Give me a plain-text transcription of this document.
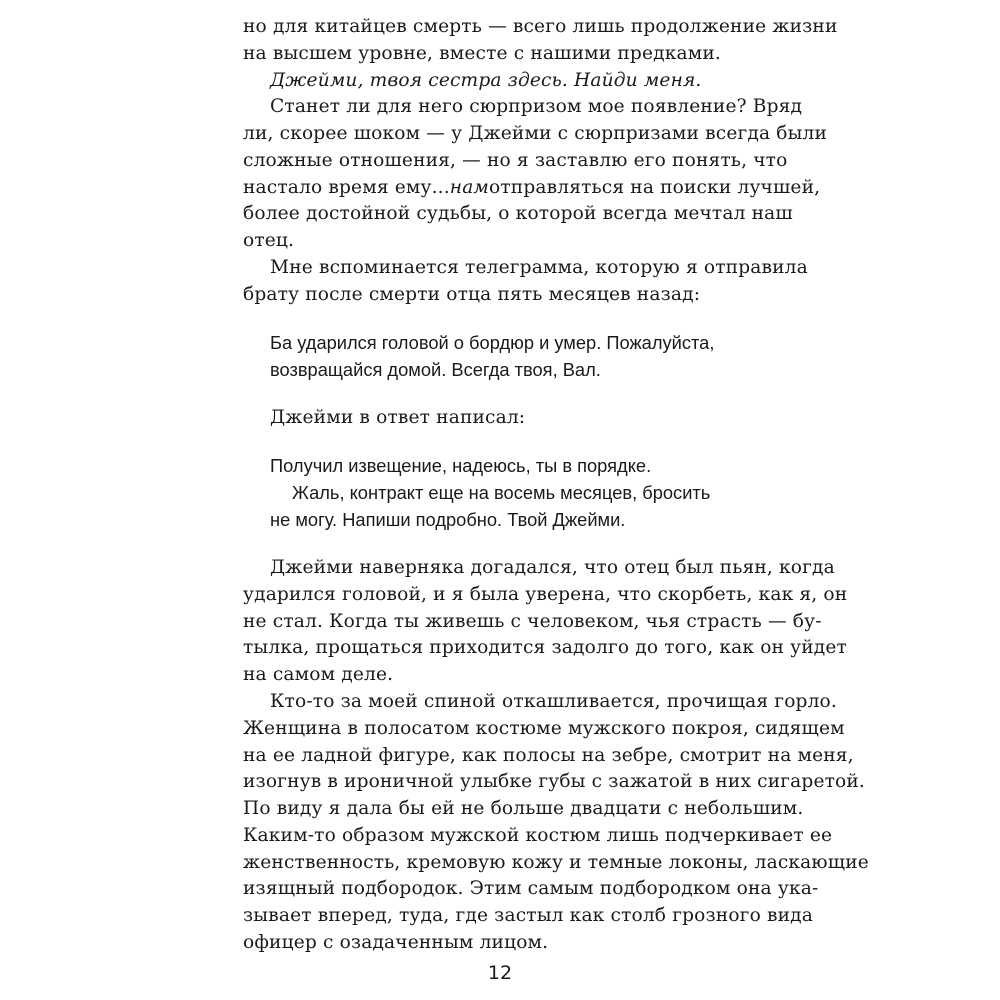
но для китайцев смерть — всего лишь продолжение жизни
на высшем уровне, вместе с нашими предками.
Джейми, твоя сестра здесь. Найди меня.
Станет ли для него сюрпризом мое появление? Вряд
ли, скорее шоком — у Джейми с сюрпризами всегда были
сложные отношения, — но я заставлю его понять, что
настало время ему... нам отправляться на поиски лучшей,
более достойной судьбы, о которой всегда мечтал наш
отец.
Мне вспоминается телеграмма, которую я отправила
брату после смерти отца пять месяцев назад:
Ба ударился головой о бордюр и умер. Пожалуйста,
возвращайся домой. Всегда твоя, Вал.
Джейми в ответ написал:
Получил извещение, надеюсь, ты в порядке.
Жаль, контракт еще на восемь месяцев, бросить
не могу. Напиши подробно. Твой Джейми.
Джейми наверняка догадался, что отец был пьян, когда
ударился головой, и я была уверена, что скорбеть, как я, он
не стал. Когда ты живешь с человеком, чья страсть — бу-
тылка, прощаться приходится задолго до того, как он уйдет
на самом деле.
Кто-то за моей спиной откашливается, прочищая горло.
Женщина в полосатом костюме мужского покроя, сидящем
на ее ладной фигуре, как полосы на зебре, смотрит на меня,
изогнув в ироничной улыбке губы с зажатой в них сигаретой.
По виду я дала бы ей не больше двадцати с небольшим.
Каким-то образом мужской костюм лишь подчеркивает ее
женственность, кремовую кожу и темные локоны, ласкающие
изящный подбородок. Этим самым подбородком она ука-
зывает вперед, туда, где застыл как столб грозного вида
офицер с озадаченным лицом.
12
